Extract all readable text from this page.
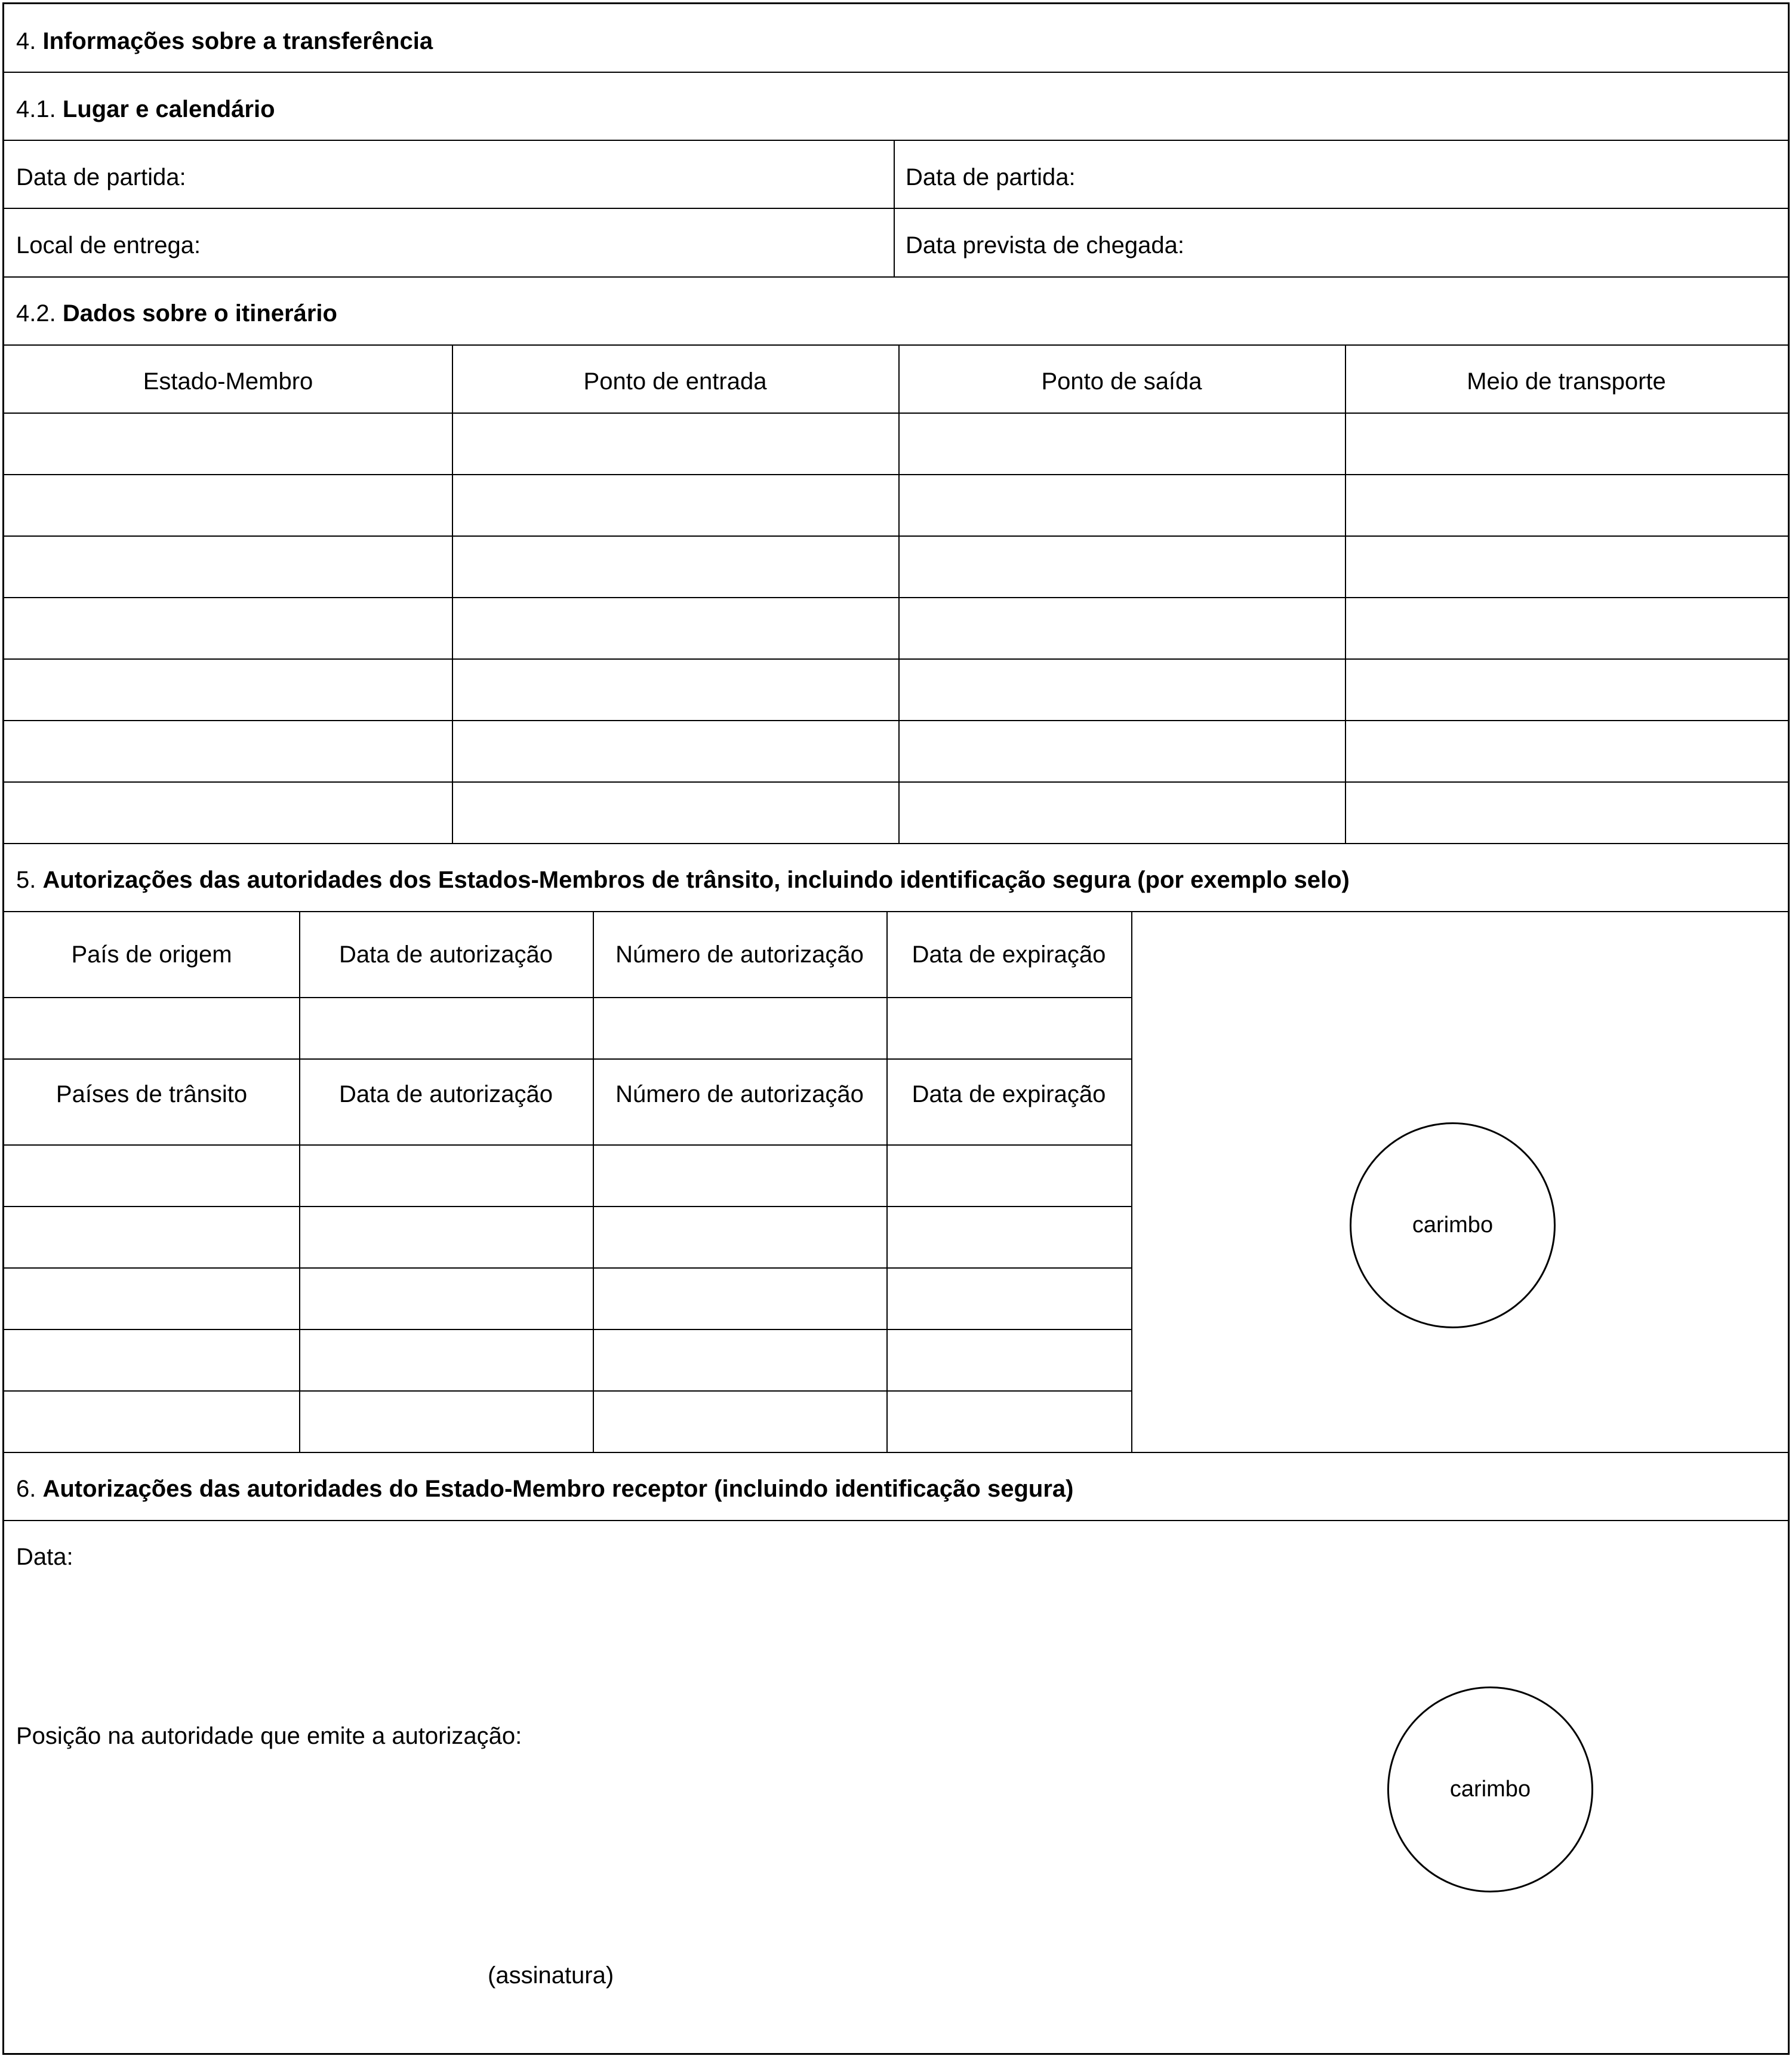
4. Informações sobre a transferência
4.1. Lugar e calendário
Data de partida:	Data de partida:
Local de entrega:	Data prevista de chegada:
4.2. Dados sobre o itinerário
Estado-Membro	Ponto de entrada	Ponto de saída	Meio de transporte
5. Autorizações das autoridades dos Estados-Membros de trânsito, incluindo identificação segura (por exemplo selo)
País de origem	Data de autorização	Número de autorização	Data de expiração
Países de trânsito	Data de autorização	Número de autorização	Data de expiração
carimbo
6. Autorizações das autoridades do Estado-Membro receptor (incluindo identificação segura)
Data:
Posição na autoridade que emite a autorização:
carimbo
(assinatura)
